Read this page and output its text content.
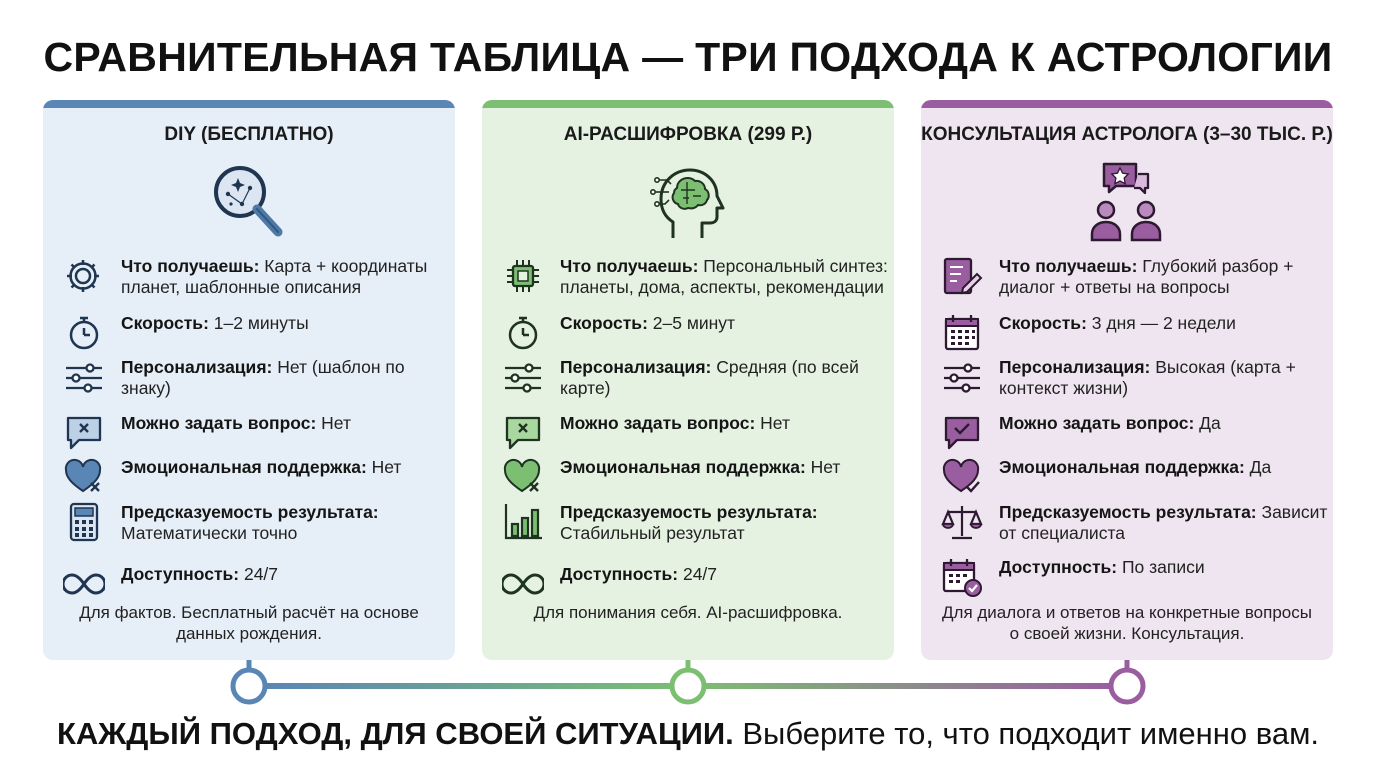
СРАВНИТЕЛЬНАЯ ТАБЛИЦА — ТРИ ПОДХОДА К АСТРОЛОГИИ
DIY (БЕСПЛАТНО)
Что получаешь: Карта + координаты планет, шаблонные описания
Скорость: 1–2 минуты
Персонализация: Нет (шаблон по знаку)
Можно задать вопрос: Нет
Эмоциональная поддержка: Нет
Предсказуемость результата: Математически точно
Доступность: 24/7
Для фактов. Бесплатный расчёт на основе данных рождения.
AI-РАСШИФРОВКА (299 Р.)
Что получаешь: Персональный синтез: планеты, дома, аспекты, рекомендации
Скорость: 2–5 минут
Персонализация: Средняя (по всей карте)
Можно задать вопрос: Нет
Эмоциональная поддержка: Нет
Предсказуемость результата: Стабильный результат
Доступность: 24/7
Для понимания себя. AI-расшифровка.
КОНСУЛЬТАЦИЯ АСТРОЛОГА (3–30 ТЫС. Р.)
Что получаешь: Глубокий разбор + диалог + ответы на вопросы
Скорость: 3 дня — 2 недели
Персонализация: Высокая (карта + контекст жизни)
Можно задать вопрос: Да
Эмоциональная поддержка: Да
Предсказуемость результата: Зависит от специалиста
Доступность: По записи
Для диалога и ответов на конкретные вопросы о своей жизни. Консультация.
КАЖДЫЙ ПОДХОД, ДЛЯ СВОЕЙ СИТУАЦИИ. Выберите то, что подходит именно вам.
